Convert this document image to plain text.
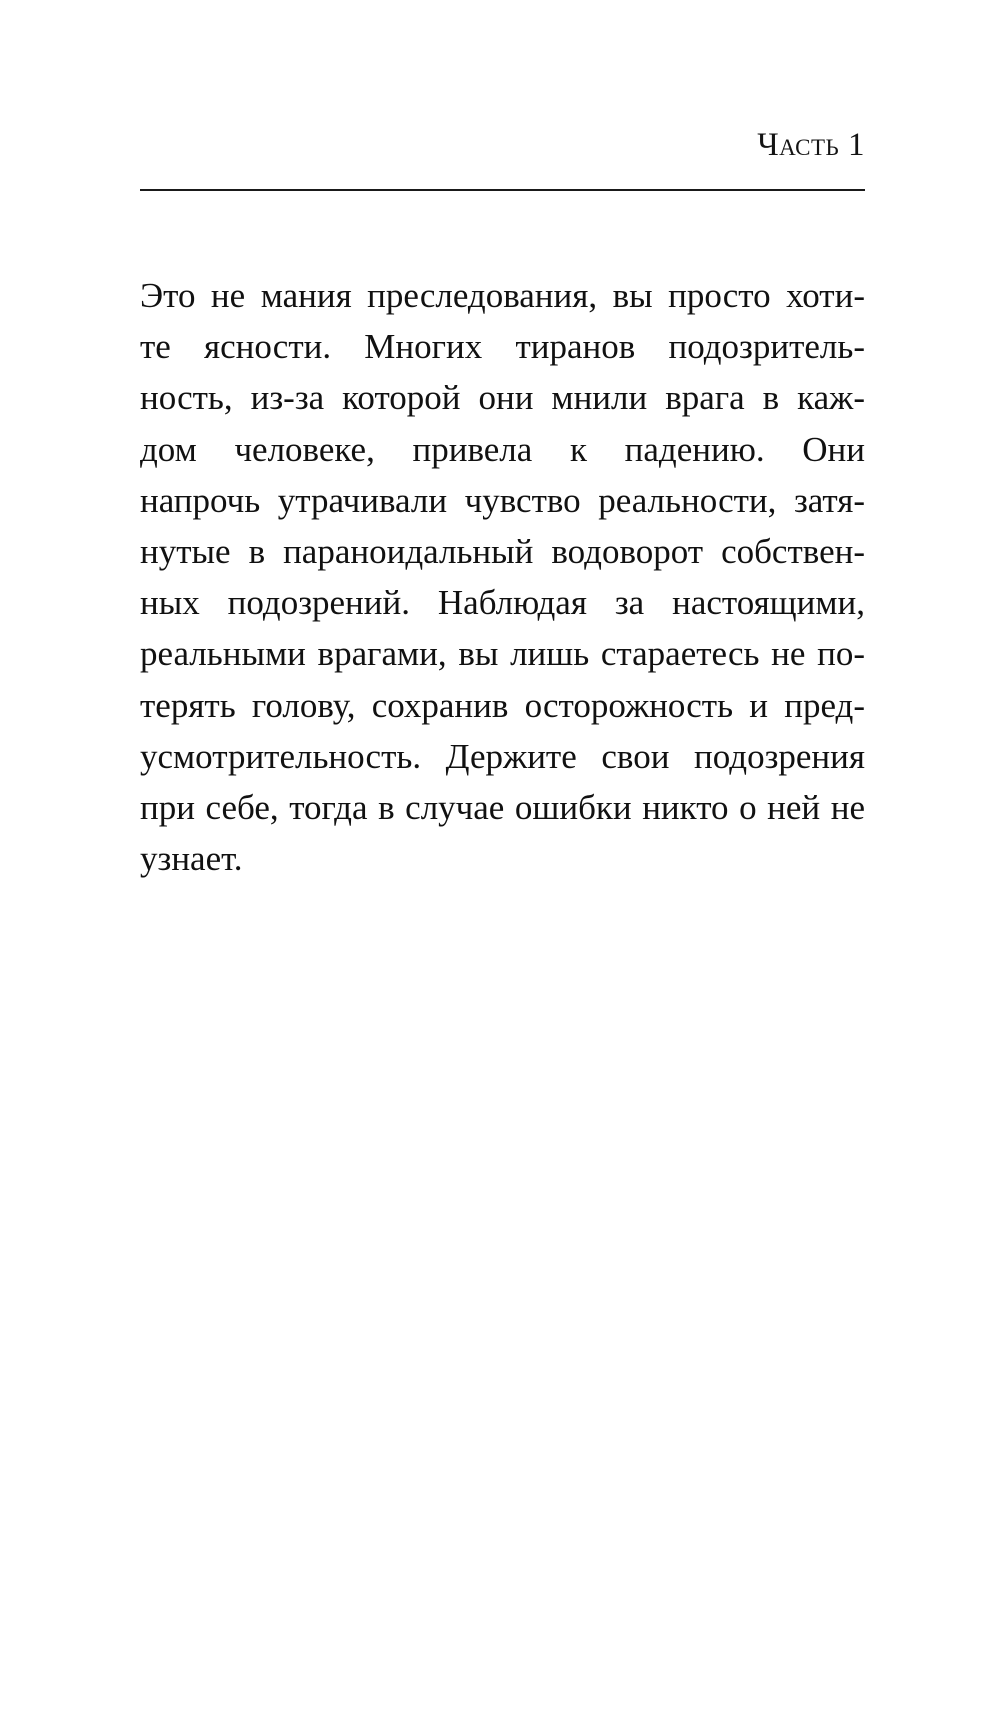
Часть 1
Это не мания преследования, вы просто хоти-
те ясности. Многих тиранов подозритель-
ность, из-за которой они мнили врага в каж-
дом человеке, привела к падению. Они
напрочь утрачивали чувство реальности, затя-
нутые в параноидальный водоворот собствен-
ных подозрений. Наблюдая за настоящими,
реальными врагами, вы лишь стараетесь не по-
терять голову, сохранив осторожность и пред-
усмотрительность. Держите свои подозрения
при себе, тогда в случае ошибки никто о ней не
узнает.
